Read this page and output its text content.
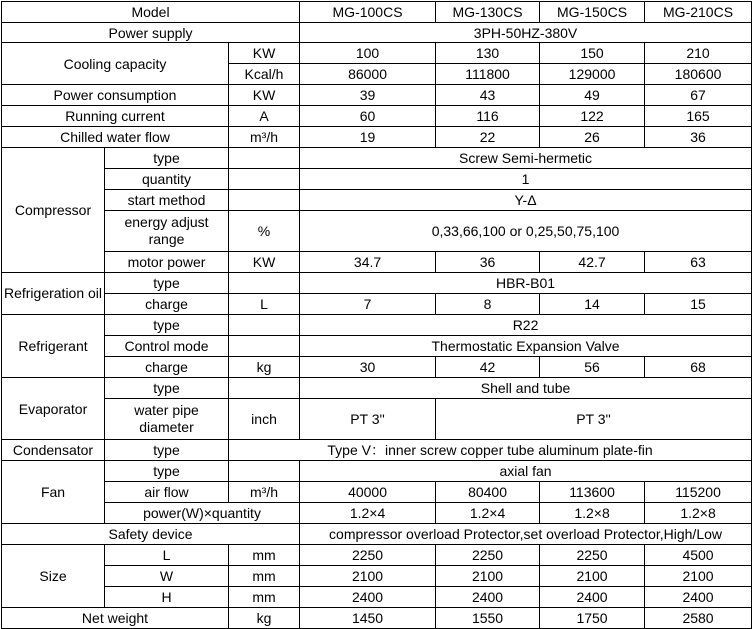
Model			MG-100CS	MG-130CS	MG-150CS	MG-210CS
Power supply			3PH-50HZ-380V			
Cooling capacity		KW	100	130	150	210
		Kcal/h	86000	111800	129000	180600
Power consumption		KW	39	43	49	67
Running current		A	60	116	122	165
Chilled water flow		m³/h	19	22	26	36
Compressor	type		Screw Semi-hermetic			
	quantity		1			
	start method		Y-Δ			
	energy adjust range	%	0,33,66,100 or 0,25,50,75,100			
	motor power	KW	34.7	36	42.7	63

Refrigeration oil	type		HBR-B01			
	charge	L	7	8	14	15
Refrigerant	type		R22			
	Control mode		Thermostatic Expansion Valve			
	charge	kg	30	42	56	68
Evaporator	type		Shell and tube			
	water pipe diameter	inch	PT 3''	PT 3''		
Condensator	type	Type V：inner screw copper tube aluminum plate-fin				
Fan	type		axial fan			
	air flow	m³/h	40000	80400	113600	115200
	power(W)×quantity		1.2×4	1.2×4	1.2×8	1.2×8
Safety device			compressor overload Protector,set overload Protector,High/Low			
Size	L	mm	2250	2250	2250	4500
	W	mm	2100	2100	2100	2100
	H	mm	2400	2400	2400	2400
Net weight		kg	1450	1550	1750	2580
